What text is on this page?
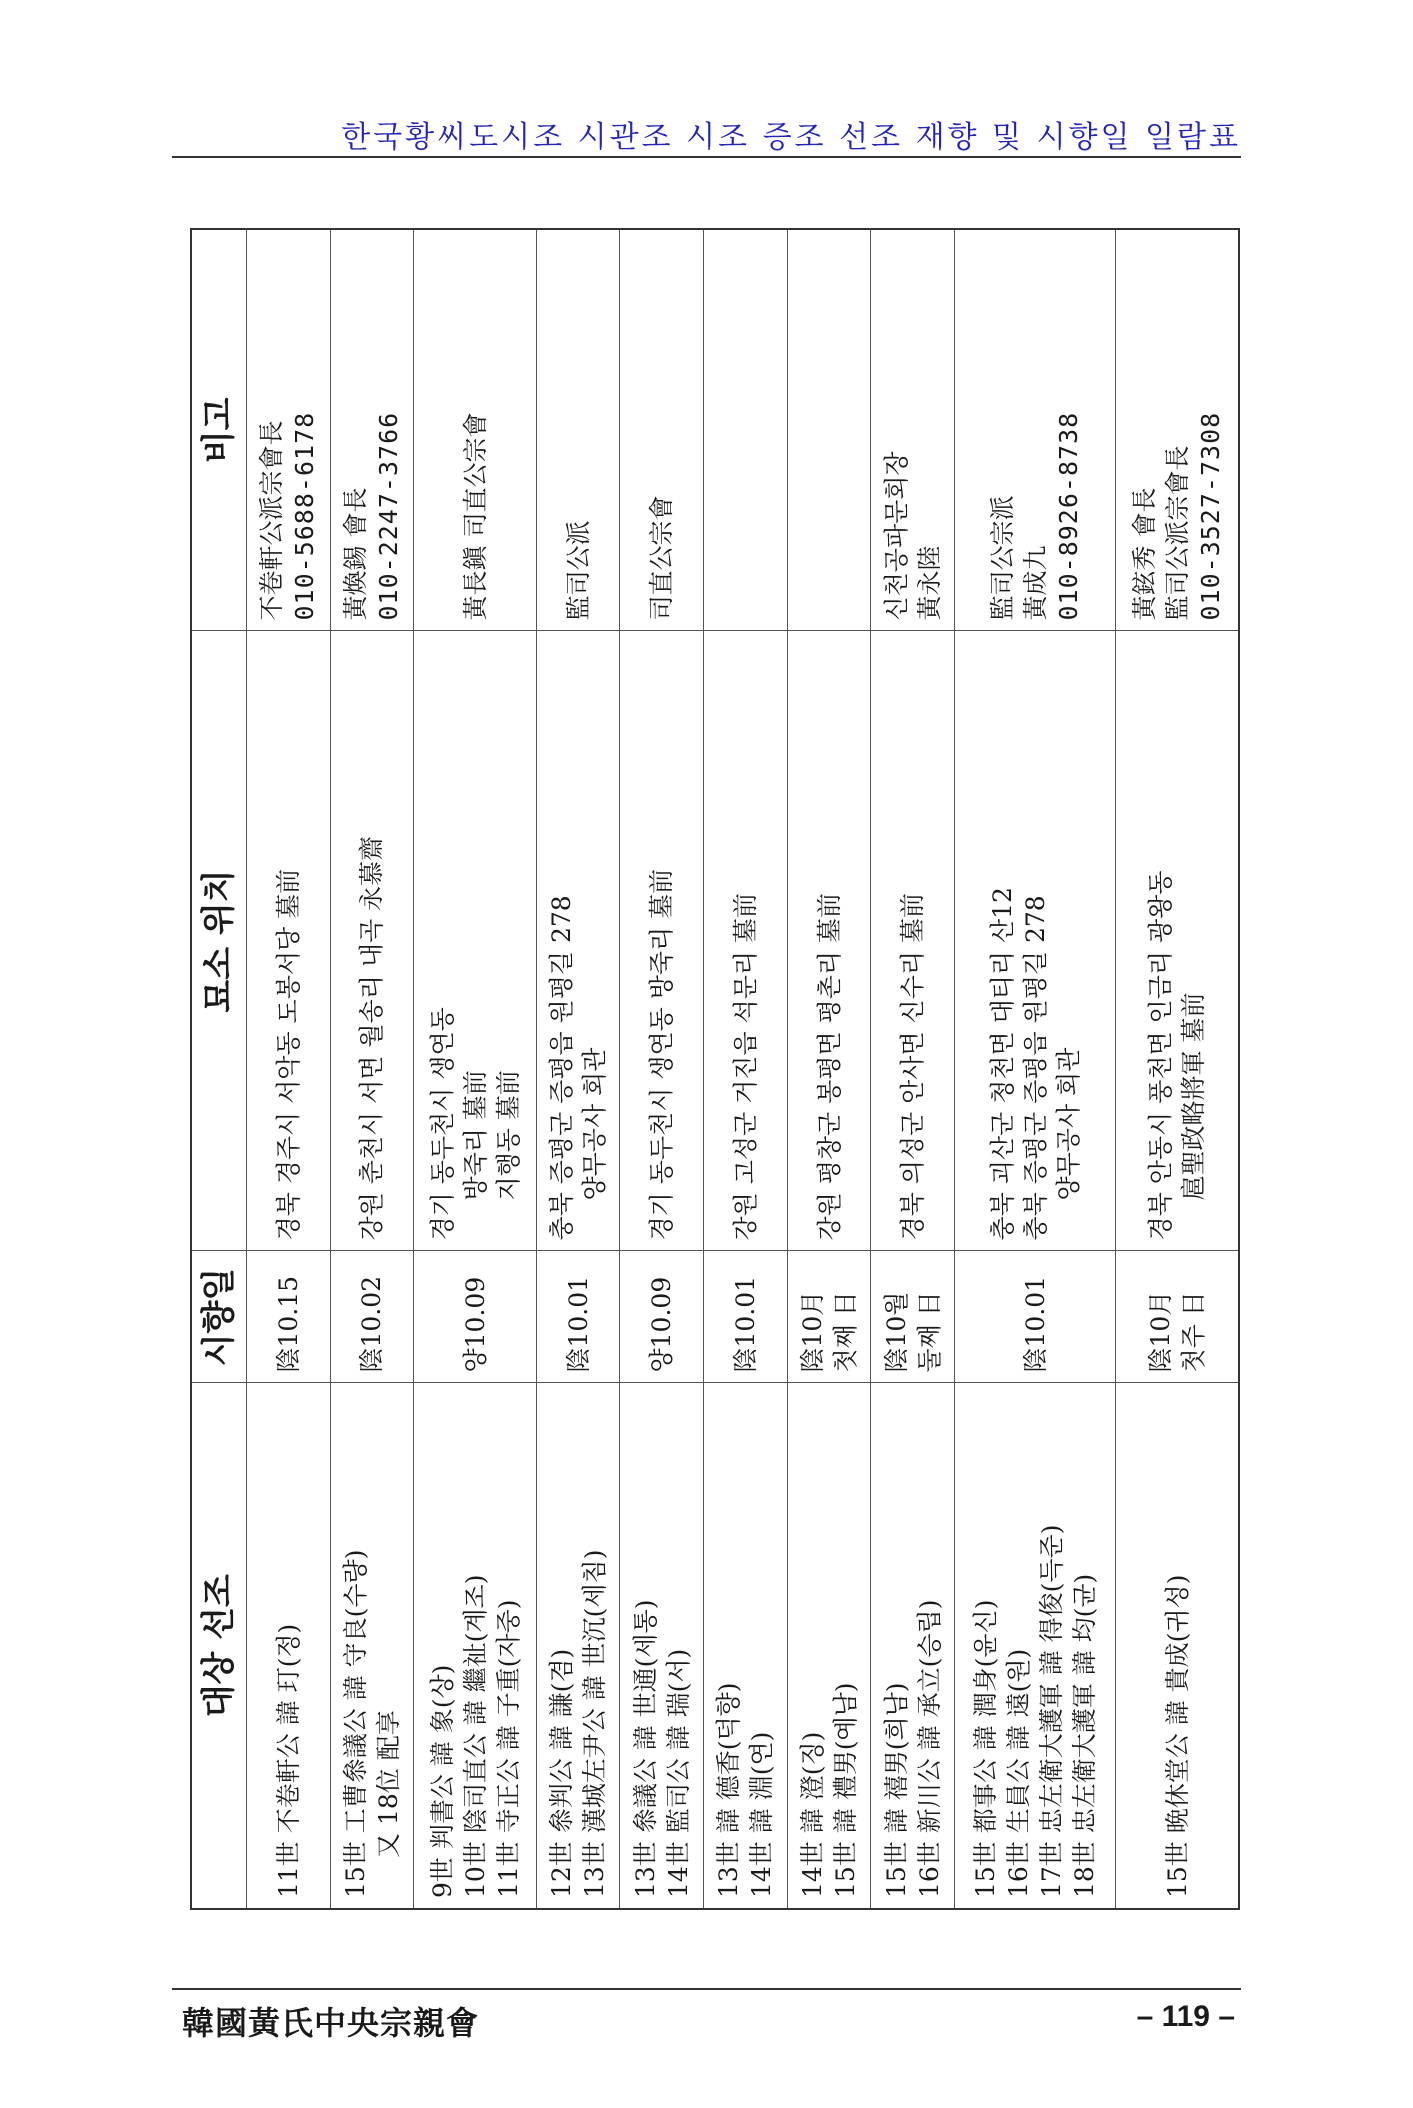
한국황씨도시조 시관조 시조 증조 선조 재향 및 시향일 일람표
대상 선조	시향일	묘소 위치	비고

11世 不卷軒公 諱 玎(정)	陰10.15	경북 경주시 서악동 도봉서당 墓前	不卷軒公派宗會長 010-5688-6178

15世 工曹叅議公 諱 守良(수량) 又 18位 配享	陰10.02	강원 춘천시 서면 월송리 내곡 永慕齋	黃煥錫 會長 010-2247-3766

9世 判書公 諱 象(상) 10世 陰司直公 諱 繼祉(계조) 11世 寺正公 諱 子重(자중)	양10.09	경기 동두천시 생연동 방죽리 墓前 지행동 墓前	黃長鎭 司直公宗會

12世 叅判公 諱 謙(겸) 13世 漢城左尹公 諱 世沉(세침)	陰10.01	충북 증평군 증평읍 원평길 278 양무공사 회관	監司公派

13世 叅議公 諱 世通(세통) 14世 監司公 諱 瑞(서)	양10.09	경기 동두천시 생연동 방죽리 墓前	司直公宗會

13世 諱 德香(덕향) 14世 諱 淵(연)	陰10.01	강원 고성군 거진읍 석문리 墓前	

14世 諱 澄(징) 15世 諱 禮男(예남)	陰10月 첫째 日	강원 평창군 봉평면 평촌리 墓前	

15世 諱 禧男(희남) 16世 新川公 諱 承立(승립)	陰10월 둘째 日	경북 의성군 안사면 신수리 墓前	신천공파문회장 黃永陸

15世 都事公 諱 潤身(윤신) 16世 生員公 諱 遠(원) 17世 忠左衛大護軍 諱 得俊(득준) 18世 忠左衛大護軍 諱 均(균)	陰10.01	충북 괴산군 청천면 대티리 산12 충북 증평군 증평읍 원평길 278 양무공사 회관	監司公宗派 黃成九 010-8926-8738

15世 晩休堂公 諱 貴成(귀성)	陰10月 첫주 日	경북 안동시 풍천면 인금리 광왕동 扈聖政略將軍 墓前	黃鉉秀 會長 監司公派宗會長 010-3527-7308
韓國黃氏中央宗親會	– 119 –
